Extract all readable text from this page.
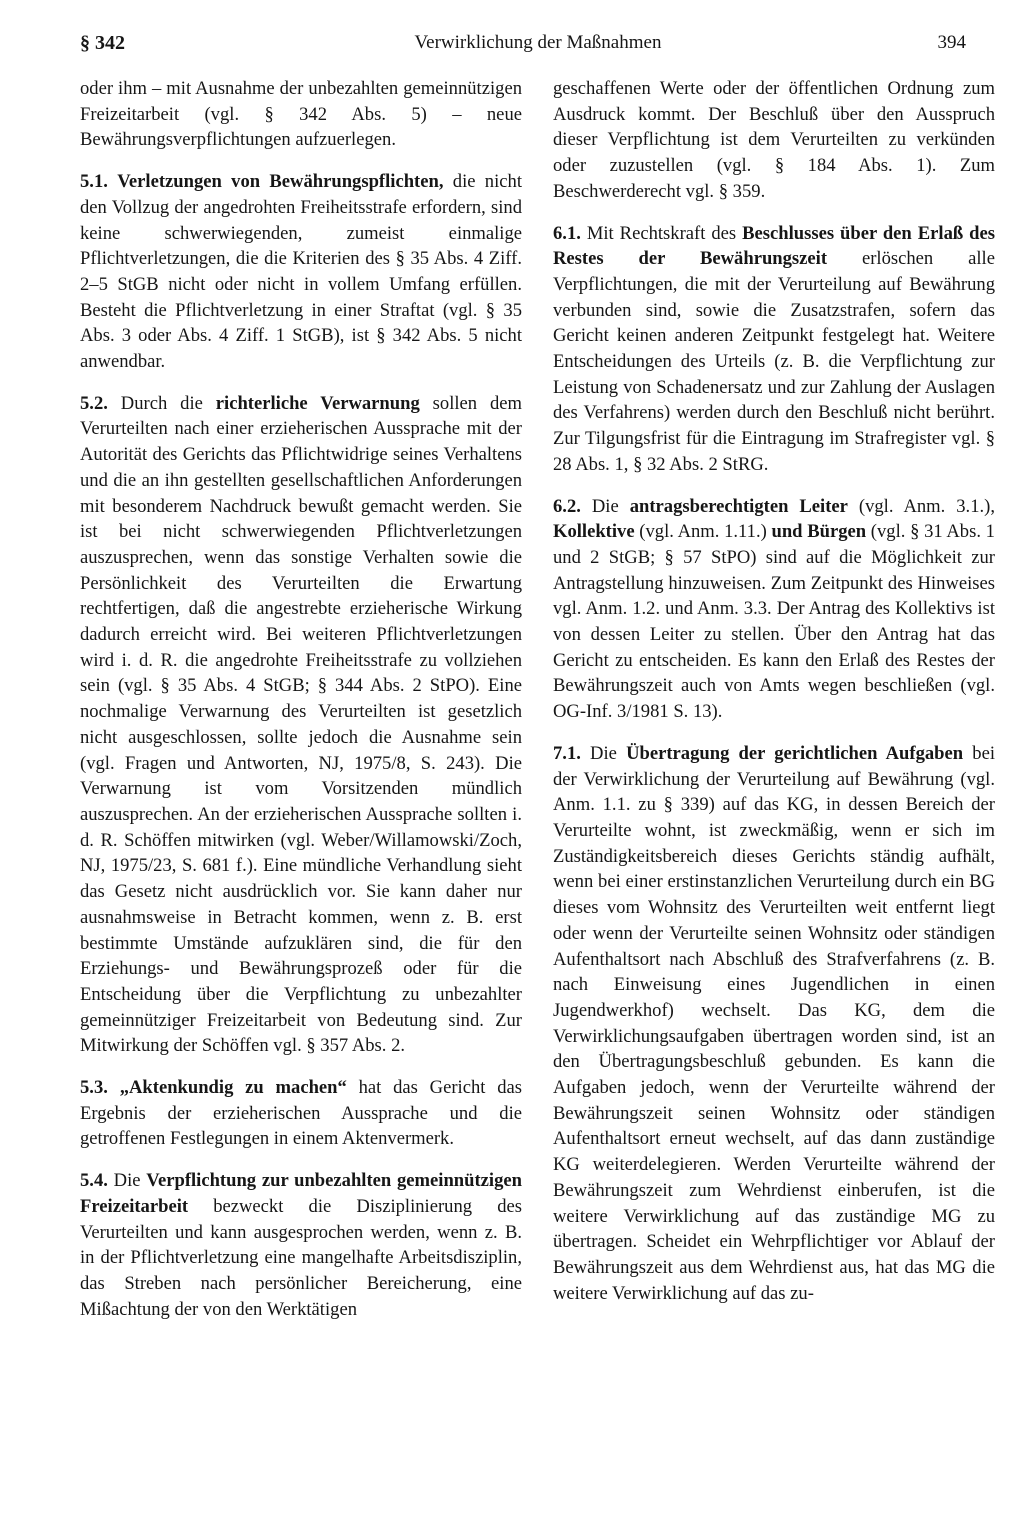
§ 342	Verwirklichung der Maßnahmen	394

oder ihm – mit Ausnahme der unbezahlten gemeinnützigen Freizeitarbeit (vgl. § 342 Abs. 5) – neue Bewährungsverpflichtungen aufzuerlegen.

5.1. Verletzungen von Bewährungspflichten, die nicht den Vollzug der angedrohten Freiheitsstrafe erfordern, sind keine schwerwiegenden, zumeist einmalige Pflichtverletzungen, die die Kriterien des § 35 Abs. 4 Ziff. 2–5 StGB nicht oder nicht in vollem Umfang erfüllen. Besteht die Pflichtverletzung in einer Straftat (vgl. § 35 Abs. 3 oder Abs. 4 Ziff. 1 StGB), ist § 342 Abs. 5 nicht anwendbar.

5.2. Durch die richterliche Verwarnung sollen dem Verurteilten nach einer erzieherischen Aussprache mit der Autorität des Gerichts das Pflichtwidrige seines Verhaltens und die an ihn gestellten gesellschaftlichen Anforderungen mit besonderem Nachdruck bewußt gemacht werden. Sie ist bei nicht schwerwiegenden Pflichtverletzungen auszusprechen, wenn das sonstige Verhalten sowie die Persönlichkeit des Verurteilten die Erwartung rechtfertigen, daß die angestrebte erzieherische Wirkung dadurch erreicht wird. Bei weiteren Pflichtverletzungen wird i. d. R. die angedrohte Freiheitsstrafe zu vollziehen sein (vgl. § 35 Abs. 4 StGB; § 344 Abs. 2 StPO). Eine nochmalige Verwarnung des Verurteilten ist gesetzlich nicht ausgeschlossen, sollte jedoch die Ausnahme sein (vgl. Fragen und Antworten, NJ, 1975/8, S. 243). Die Verwarnung ist vom Vorsitzenden mündlich auszusprechen. An der erzieherischen Aussprache sollten i. d. R. Schöffen mitwirken (vgl. Weber/Willamowski/Zoch, NJ, 1975/23, S. 681 f.). Eine mündliche Verhandlung sieht das Gesetz nicht ausdrücklich vor. Sie kann daher nur ausnahmsweise in Betracht kommen, wenn z. B. erst bestimmte Umstände aufzuklären sind, die für den Erziehungs- und Bewährungsprozeß oder für die Entscheidung über die Verpflichtung zu unbezahlter gemeinnütziger Freizeitarbeit von Bedeutung sind. Zur Mitwirkung der Schöffen vgl. § 357 Abs. 2.

5.3. „Aktenkundig zu machen“ hat das Gericht das Ergebnis der erzieherischen Aussprache und die getroffenen Festlegungen in einem Aktenvermerk.

5.4. Die Verpflichtung zur unbezahlten gemeinnützigen Freizeitarbeit bezweckt die Disziplinierung des Verurteilten und kann ausgesprochen werden, wenn z. B. in der Pflichtverletzung eine mangelhafte Arbeitsdisziplin, das Streben nach persönlicher Bereicherung, eine Mißachtung der von den Werktätigen

geschaffenen Werte oder der öffentlichen Ordnung zum Ausdruck kommt. Der Beschluß über den Ausspruch dieser Verpflichtung ist dem Verurteilten zu verkünden oder zuzustellen (vgl. § 184 Abs. 1). Zum Beschwerderecht vgl. § 359.

6.1. Mit Rechtskraft des Beschlusses über den Erlaß des Restes der Bewährungszeit erlöschen alle Verpflichtungen, die mit der Verurteilung auf Bewährung verbunden sind, sowie die Zusatzstrafen, sofern das Gericht keinen anderen Zeitpunkt festgelegt hat. Weitere Entscheidungen des Urteils (z. B. die Verpflichtung zur Leistung von Schadenersatz und zur Zahlung der Auslagen des Verfahrens) werden durch den Beschluß nicht berührt. Zur Tilgungsfrist für die Eintragung im Strafregister vgl. § 28 Abs. 1, § 32 Abs. 2 StRG.

6.2. Die antragsberechtigten Leiter (vgl. Anm. 3.1.), Kollektive (vgl. Anm. 1.11.) und Bürgen (vgl. § 31 Abs. 1 und 2 StGB; § 57 StPO) sind auf die Möglichkeit zur Antragstellung hinzuweisen. Zum Zeitpunkt des Hinweises vgl. Anm. 1.2. und Anm. 3.3. Der Antrag des Kollektivs ist von dessen Leiter zu stellen. Über den Antrag hat das Gericht zu entscheiden. Es kann den Erlaß des Restes der Bewährungszeit auch von Amts wegen beschließen (vgl. OG-Inf. 3/1981 S. 13).

7.1. Die Übertragung der gerichtlichen Aufgaben bei der Verwirklichung der Verurteilung auf Bewährung (vgl. Anm. 1.1. zu § 339) auf das KG, in dessen Bereich der Verurteilte wohnt, ist zweckmäßig, wenn er sich im Zuständigkeitsbereich dieses Gerichts ständig aufhält, wenn bei einer erstinstanzlichen Verurteilung durch ein BG dieses vom Wohnsitz des Verurteilten weit entfernt liegt oder wenn der Verurteilte seinen Wohnsitz oder ständigen Aufenthaltsort nach Abschluß des Strafverfahrens (z. B. nach Einweisung eines Jugendlichen in einen Jugendwerkhof) wechselt. Das KG, dem die Verwirklichungsaufgaben übertragen worden sind, ist an den Übertragungsbeschluß gebunden. Es kann die Aufgaben jedoch, wenn der Verurteilte während der Bewährungszeit seinen Wohnsitz oder ständigen Aufenthaltsort erneut wechselt, auf das dann zuständige KG weiterdelegieren. Werden Verurteilte während der Bewährungszeit zum Wehrdienst einberufen, ist die weitere Verwirklichung auf das zuständige MG zu übertragen. Scheidet ein Wehrpflichtiger vor Ablauf der Bewährungszeit aus dem Wehrdienst aus, hat das MG die weitere Verwirklichung auf das zu-
